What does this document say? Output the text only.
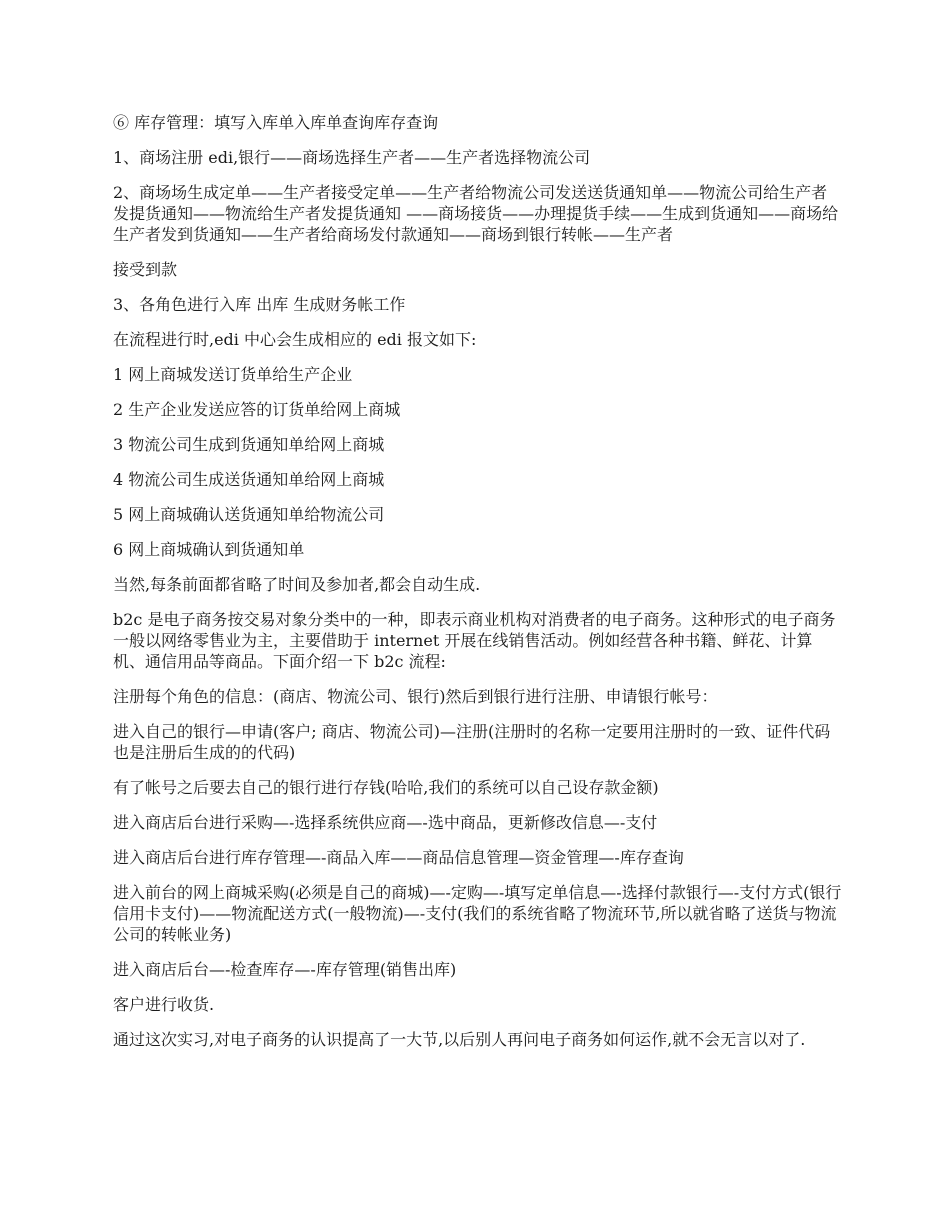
⑥ 库存管理：填写入库单入库单查询库存查询

1、商场注册 edi,银行——商场选择生产者——生产者选择物流公司

2、商场场生成定单——生产者接受定单——生产者给物流公司发送送货通知单——物流公司给生产者发提货通知——物流给生产者发提货通知 ——商场接货——办理提货手续——生成到货通知——商场给生产者发到货通知——生产者给商场发付款通知——商场到银行转帐——生产者

接受到款

3、各角色进行入库 出库 生成财务帐工作

在流程进行时,edi 中心会生成相应的 edi 报文如下:

1 网上商城发送订货单给生产企业

2 生产企业发送应答的订货单给网上商城

3 物流公司生成到货通知单给网上商城

4 物流公司生成送货通知单给网上商城

5 网上商城确认送货通知单给物流公司

6 网上商城确认到货通知单

当然,每条前面都省略了时间及参加者,都会自动生成.

b2c 是电子商务按交易对象分类中的一种，即表示商业机构对消费者的电子商务。这种形式的电子商务一般以网络零售业为主，主要借助于 internet 开展在线销售活动。例如经营各种书籍、鲜花、计算机、通信用品等商品。下面介绍一下 b2c 流程:

注册每个角色的信息：(商店、物流公司、银行)然后到银行进行注册、申请银行帐号：

进入自己的银行—申请(客户; 商店、物流公司)—注册(注册时的名称一定要用注册时的一致、证件代码也是注册后生成的的代码)

有了帐号之后要去自己的银行进行存钱(哈哈,我们的系统可以自己设存款金额)

进入商店后台进行采购—-选择系统供应商—-选中商品，更新修改信息—-支付

进入商店后台进行库存管理—-商品入库——商品信息管理—资金管理—-库存查询

进入前台的网上商城采购(必须是自己的商城)—-定购—-填写定单信息—-选择付款银行—-支付方式(银行信用卡支付)——物流配送方式(一般物流)—-支付(我们的系统省略了物流环节,所以就省略了送货与物流公司的转帐业务)

进入商店后台—-检查库存—-库存管理(销售出库)

客户进行收货.

通过这次实习,对电子商务的认识提高了一大节,以后别人再问电子商务如何运作,就不会无言以对了.
